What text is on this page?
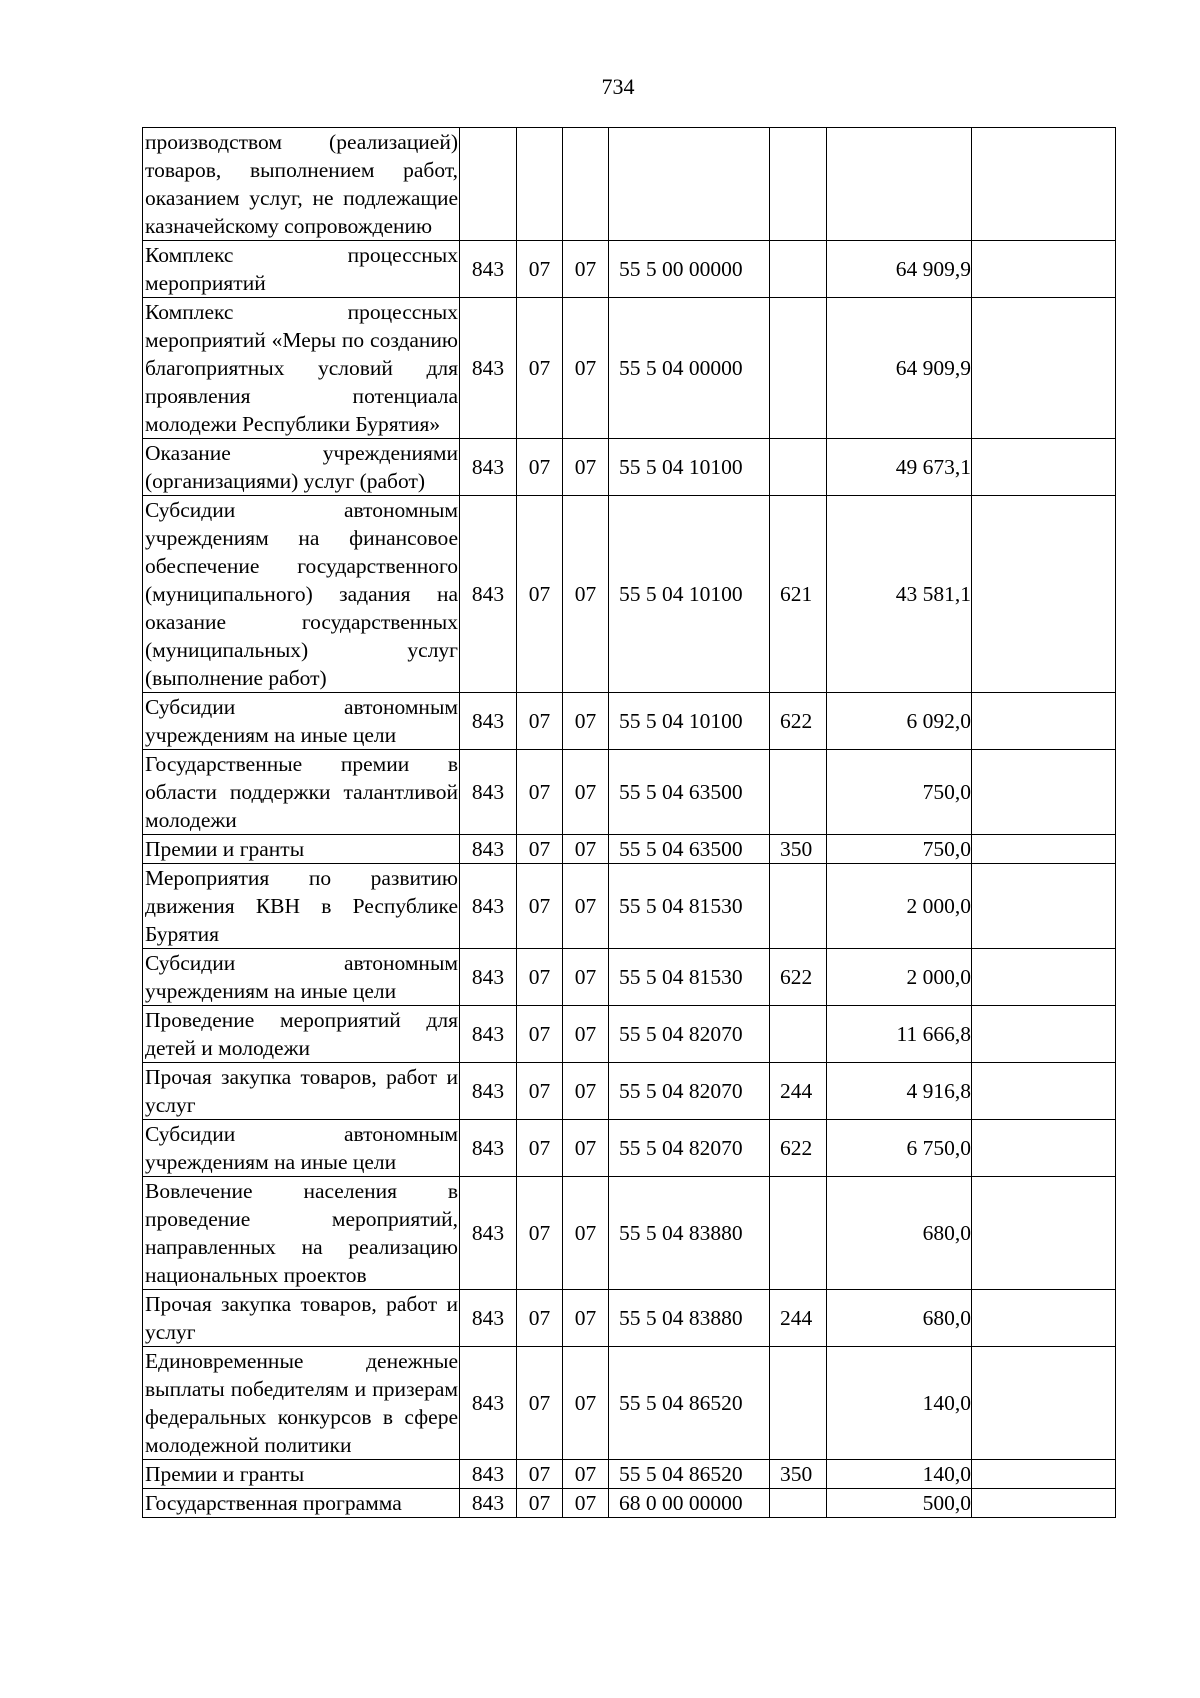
734
производством (реализацией) товаров, выполнением работ, оказанием услуг, не подлежащие казначейскому сопровождению							
Комплекс процессных мероприятий	843	07	07	55 5 00 00000		64 909,9	
Комплекс процессных мероприятий «Меры по созданию благоприятных условий для проявления потенциала молодежи Республики Бурятия»	843	07	07	55 5 04 00000		64 909,9	
Оказание учреждениями (организациями) услуг (работ)	843	07	07	55 5 04 10100		49 673,1	
Субсидии автономным учреждениям на финансовое обеспечение государственного (муниципального) задания на оказание государственных (муниципальных) услуг (выполнение работ)	843	07	07	55 5 04 10100	621	43 581,1	
Субсидии автономным учреждениям на иные цели	843	07	07	55 5 04 10100	622	6 092,0	
Государственные премии в области поддержки талантливой молодежи	843	07	07	55 5 04 63500		750,0	
Премии и гранты	843	07	07	55 5 04 63500	350	750,0	
Мероприятия по развитию движения КВН в Республике Бурятия	843	07	07	55 5 04 81530		2 000,0	
Субсидии автономным учреждениям на иные цели	843	07	07	55 5 04 81530	622	2 000,0	
Проведение мероприятий для детей и молодежи	843	07	07	55 5 04 82070		11 666,8	
Прочая закупка товаров, работ и услуг	843	07	07	55 5 04 82070	244	4 916,8	
Субсидии автономным учреждениям на иные цели	843	07	07	55 5 04 82070	622	6 750,0	
Вовлечение населения в проведение мероприятий, направленных на реализацию национальных проектов	843	07	07	55 5 04 83880		680,0	
Прочая закупка товаров, работ и услуг	843	07	07	55 5 04 83880	244	680,0	
Единовременные денежные выплаты победителям и призерам федеральных конкурсов в сфере молодежной политики	843	07	07	55 5 04 86520		140,0	
Премии и гранты	843	07	07	55 5 04 86520	350	140,0	
Государственная программа	843	07	07	68 0 00 00000		500,0	
